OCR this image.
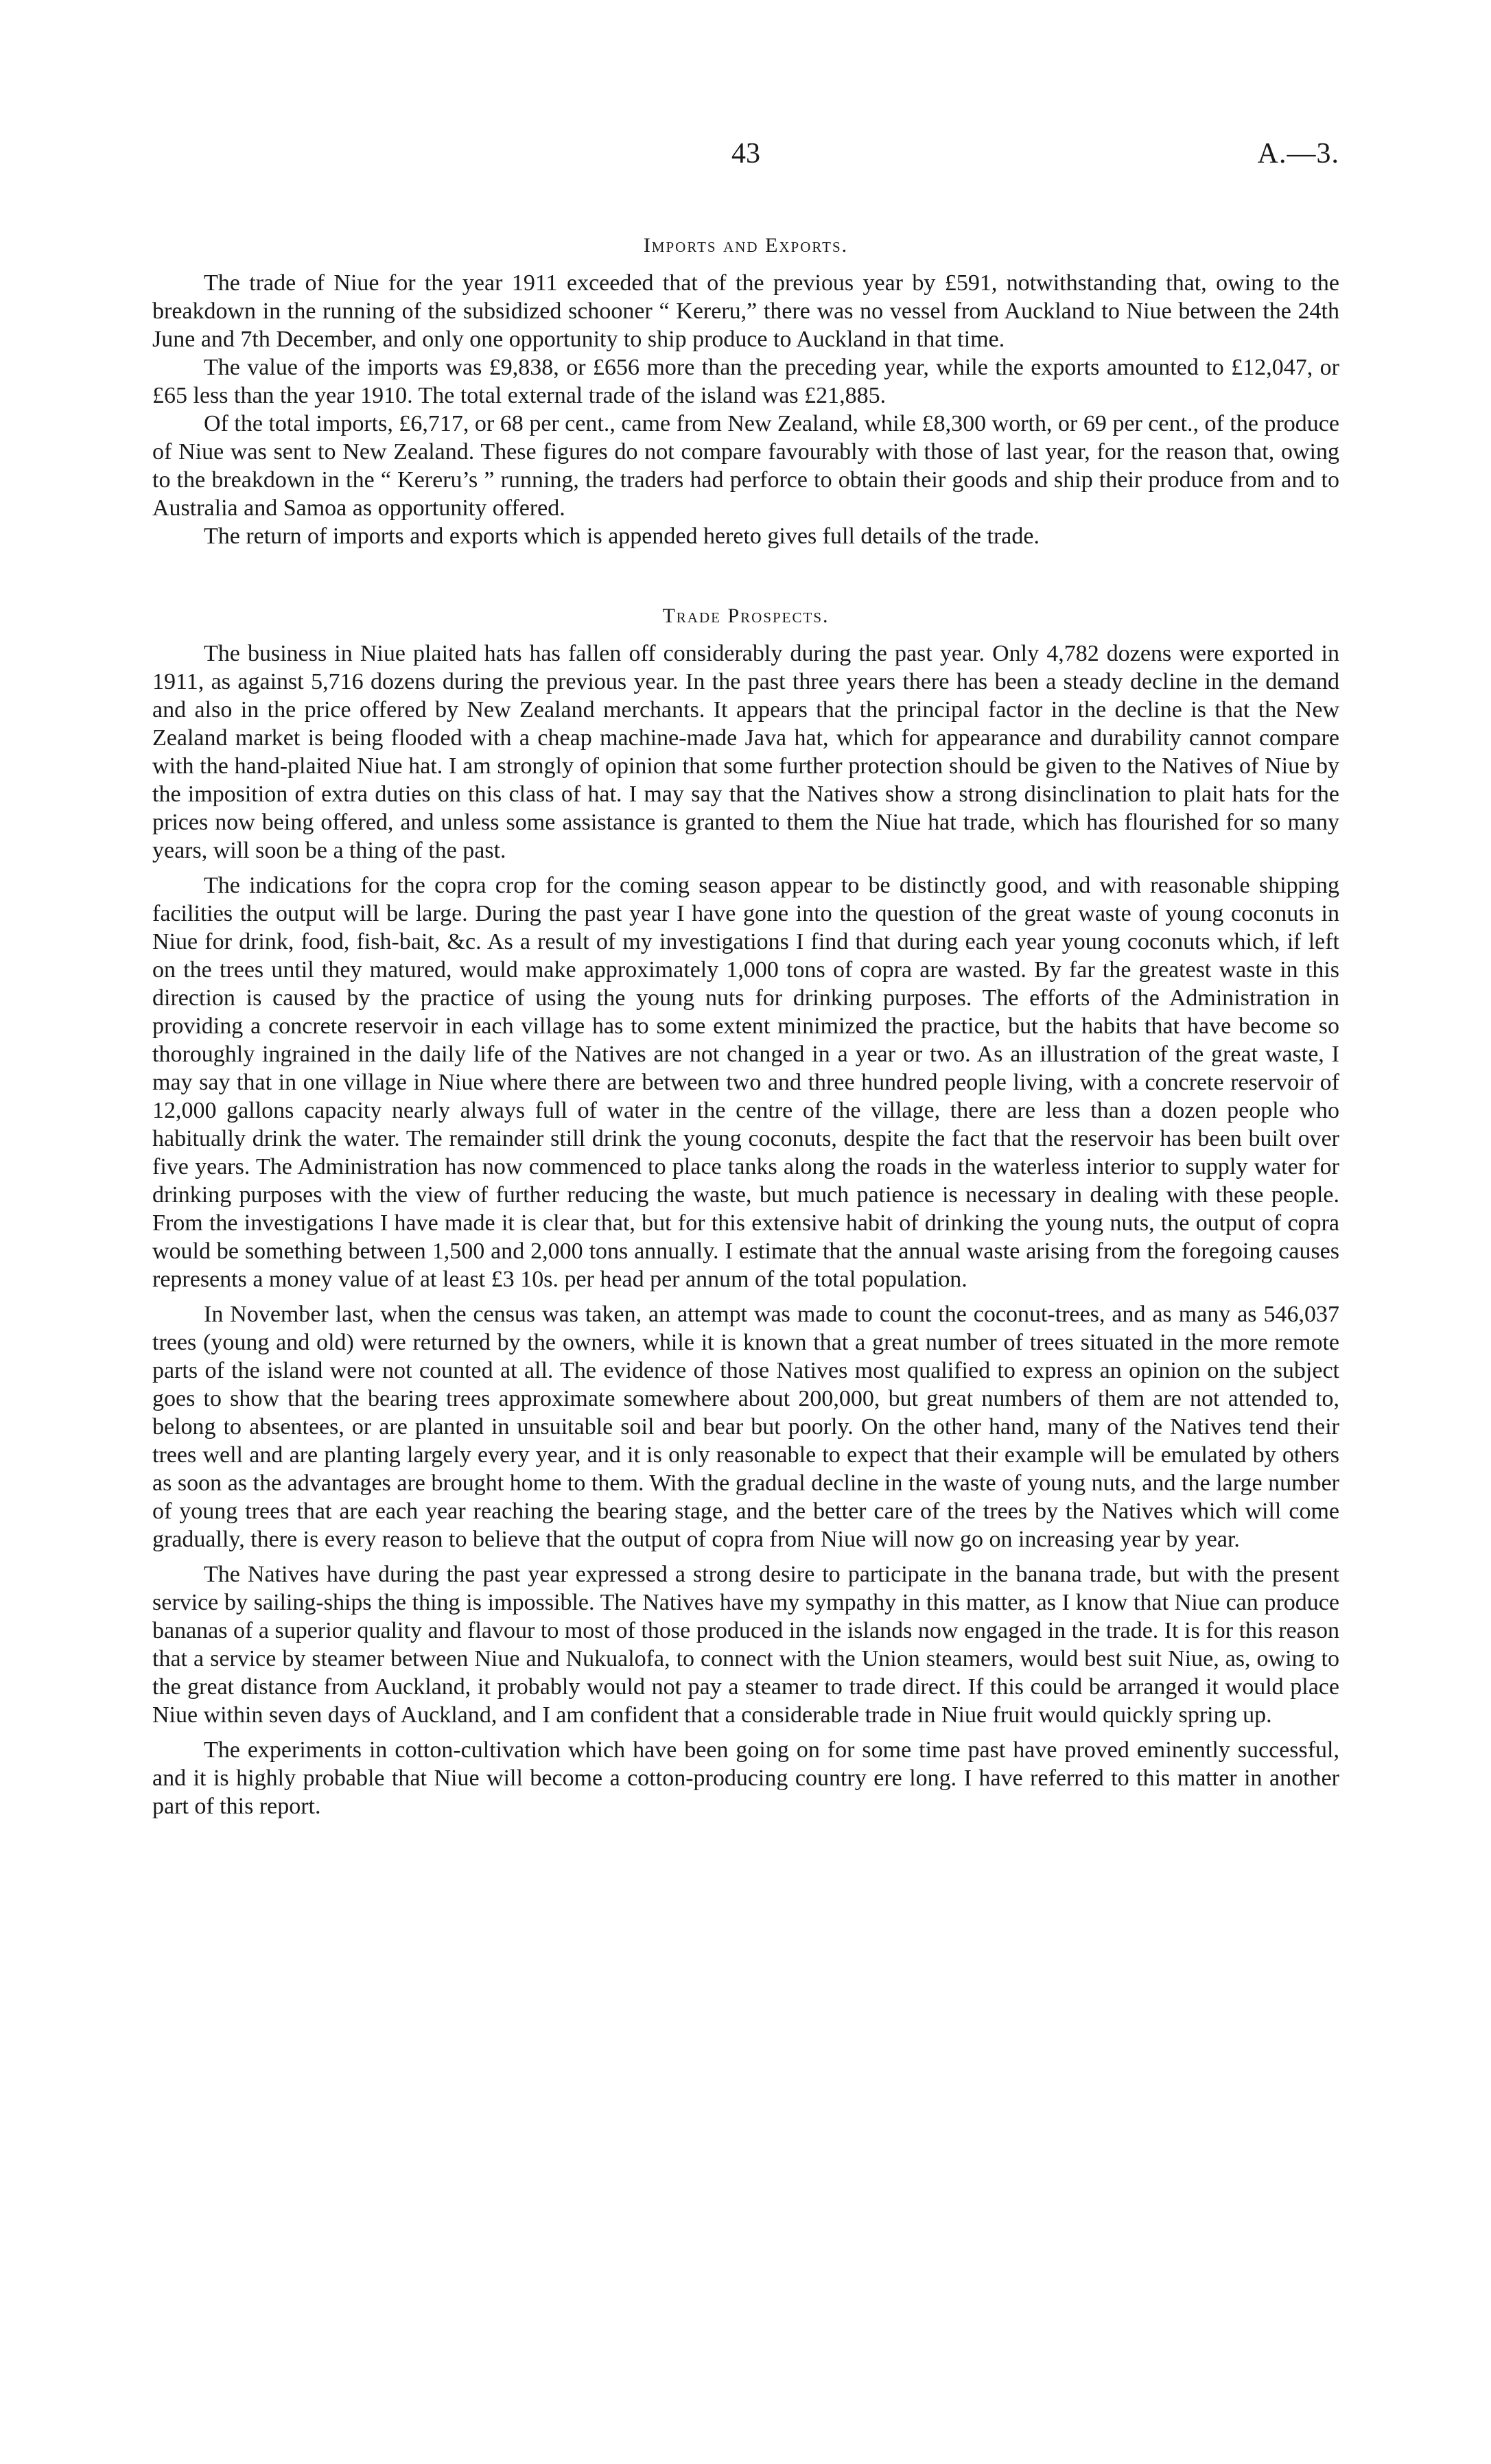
43	A.—3.
Imports and Exports.

The trade of Niue for the year 1911 exceeded that of the previous year by £591, notwithstanding that, owing to the breakdown in the running of the subsidized schooner “ Kereru,” there was no vessel from Auckland to Niue between the 24th June and 7th December, and only one opportunity to ship produce to Auckland in that time.

The value of the imports was £9,838, or £656 more than the preceding year, while the exports amounted to £12,047, or £65 less than the year 1910. The total external trade of the island was £21,885.

Of the total imports, £6,717, or 68 per cent., came from New Zealand, while £8,300 worth, or 69 per cent., of the produce of Niue was sent to New Zealand. These figures do not compare favourably with those of last year, for the reason that, owing to the breakdown in the “ Kereru’s ” running, the traders had perforce to obtain their goods and ship their produce from and to Australia and Samoa as opportunity offered.

The return of imports and exports which is appended hereto gives full details of the trade.

Trade Prospects.

The business in Niue plaited hats has fallen off considerably during the past year. Only 4,782 dozens were exported in 1911, as against 5,716 dozens during the previous year. In the past three years there has been a steady decline in the demand and also in the price offered by New Zealand merchants. It appears that the principal factor in the decline is that the New Zealand market is being flooded with a cheap machine-made Java hat, which for appearance and durability cannot compare with the hand-plaited Niue hat. I am strongly of opinion that some further protection should be given to the Natives of Niue by the imposition of extra duties on this class of hat. I may say that the Natives show a strong disinclination to plait hats for the prices now being offered, and unless some assistance is granted to them the Niue hat trade, which has flourished for so many years, will soon be a thing of the past.

The indications for the copra crop for the coming season appear to be distinctly good, and with reasonable shipping facilities the output will be large. During the past year I have gone into the question of the great waste of young coconuts in Niue for drink, food, fish-bait, &c. As a result of my investigations I find that during each year young coconuts which, if left on the trees until they matured, would make approximately 1,000 tons of copra are wasted. By far the greatest waste in this direction is caused by the practice of using the young nuts for drinking purposes. The efforts of the Administration in providing a concrete reservoir in each village has to some extent minimized the practice, but the habits that have become so thoroughly ingrained in the daily life of the Natives are not changed in a year or two. As an illustration of the great waste, I may say that in one village in Niue where there are between two and three hundred people living, with a concrete reservoir of 12,000 gallons capacity nearly always full of water in the centre of the village, there are less than a dozen people who habitually drink the water. The remainder still drink the young coconuts, despite the fact that the reservoir has been built over five years. The Administration has now commenced to place tanks along the roads in the waterless interior to supply water for drinking purposes with the view of further reducing the waste, but much patience is necessary in dealing with these people. From the investigations I have made it is clear that, but for this extensive habit of drinking the young nuts, the output of copra would be something between 1,500 and 2,000 tons annually. I estimate that the annual waste arising from the foregoing causes represents a money value of at least £3 10s. per head per annum of the total population.

In November last, when the census was taken, an attempt was made to count the coconut-trees, and as many as 546,037 trees (young and old) were returned by the owners, while it is known that a great number of trees situated in the more remote parts of the island were not counted at all. The evidence of those Natives most qualified to express an opinion on the subject goes to show that the bearing trees approximate somewhere about 200,000, but great numbers of them are not attended to, belong to absentees, or are planted in unsuitable soil and bear but poorly. On the other hand, many of the Natives tend their trees well and are planting largely every year, and it is only reasonable to expect that their example will be emulated by others as soon as the advantages are brought home to them. With the gradual decline in the waste of young nuts, and the large number of young trees that are each year reaching the bearing stage, and the better care of the trees by the Natives which will come gradually, there is every reason to believe that the output of copra from Niue will now go on increasing year by year.

The Natives have during the past year expressed a strong desire to participate in the banana trade, but with the present service by sailing-ships the thing is impossible. The Natives have my sympathy in this matter, as I know that Niue can produce bananas of a superior quality and flavour to most of those produced in the islands now engaged in the trade. It is for this reason that a service by steamer between Niue and Nukualofa, to connect with the Union steamers, would best suit Niue, as, owing to the great distance from Auckland, it probably would not pay a steamer to trade direct. If this could be arranged it would place Niue within seven days of Auckland, and I am confident that a considerable trade in Niue fruit would quickly spring up.

The experiments in cotton-cultivation which have been going on for some time past have proved eminently successful, and it is highly probable that Niue will become a cotton-producing country ere long. I have referred to this matter in another part of this report.
